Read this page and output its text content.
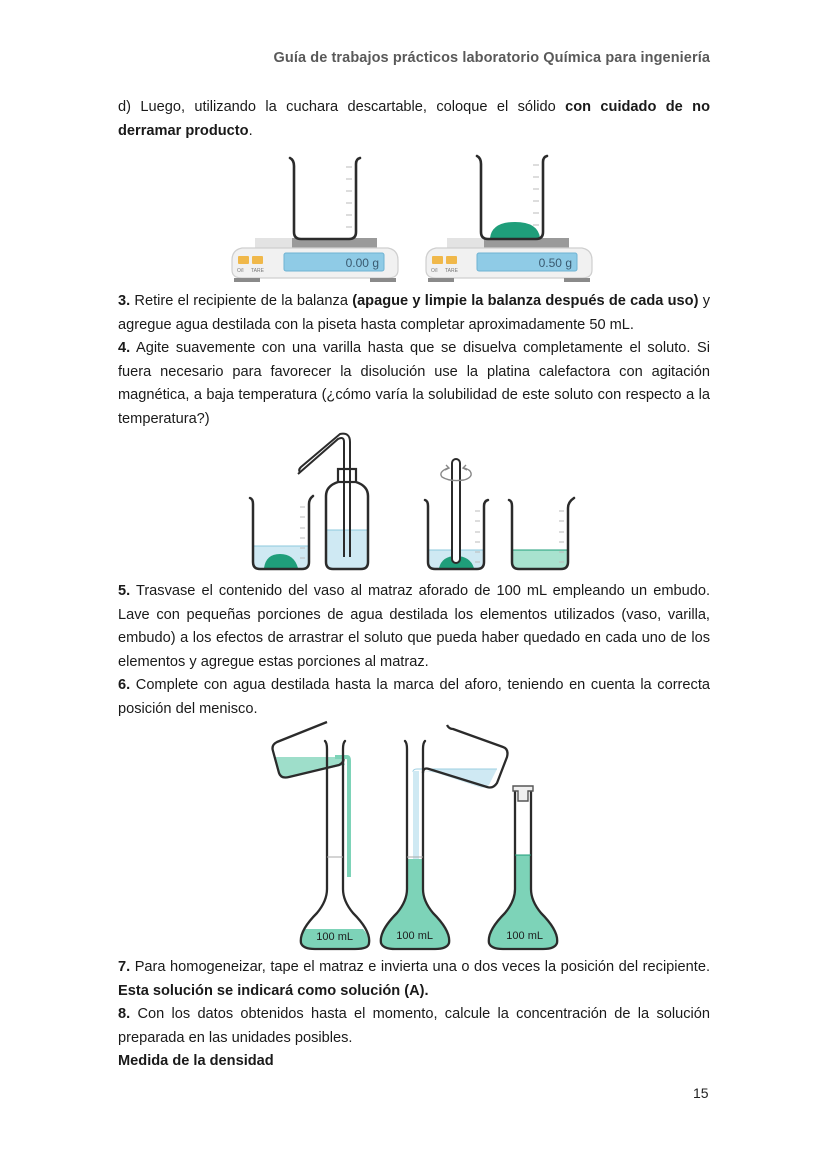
Guía de trabajos prácticos laboratorio Química para ingeniería
d) Luego, utilizando la cuchara descartable, coloque el sólido con cuidado de no derramar producto.
O/I TARE
0.00 g
O/I TARE
0.50 g
3. Retire el recipiente de la balanza (apague y limpie la balanza después de cada uso) y agregue agua destilada con la piseta hasta completar aproximadamente 50 mL.
4. Agite suavemente con una varilla hasta que se disuelva completamente el soluto. Si fuera necesario para favorecer la disolución use la platina calefactora con agitación magnética, a baja temperatura (¿cómo varía la solubilidad de este soluto con respecto a la temperatura?)
5. Trasvase el contenido del vaso al matraz aforado de 100 mL empleando un embudo. Lave con pequeñas porciones de agua destilada los elementos utilizados (vaso, varilla, embudo) a los efectos de arrastrar el soluto que pueda haber quedado en cada uno de los elementos y agregue estas porciones al matraz.
6. Complete con agua destilada hasta la marca del aforo, teniendo en cuenta la correcta posición del menisco.
100 mL	100 mL	100 mL
7. Para homogeneizar, tape el matraz e invierta una o dos veces la posición del recipiente. Esta solución se indicará como solución (A).
8. Con los datos obtenidos hasta el momento, calcule la concentración de la solución preparada en las unidades posibles.
Medida de la densidad
15
